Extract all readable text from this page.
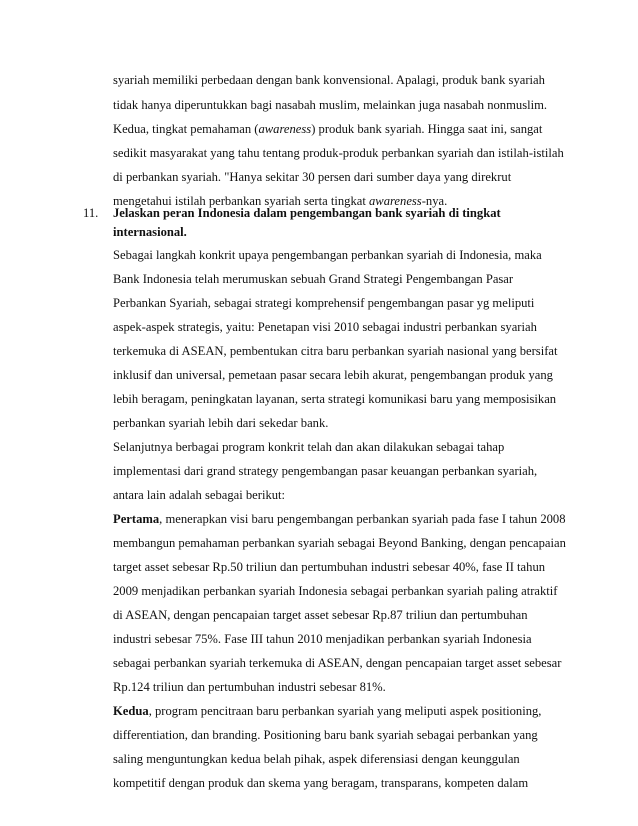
syariah memiliki perbedaan dengan bank konvensional. Apalagi, produk bank syariah
tidak hanya diperuntukkan bagi nasabah muslim, melainkan juga nasabah nonmuslim.
Kedua, tingkat pemahaman (awareness) produk bank syariah. Hingga saat ini, sangat
sedikit masyarakat yang tahu tentang produk-produk perbankan syariah dan istilah-istilah
di perbankan syariah. "Hanya sekitar 30 persen dari sumber daya yang direkrut
mengetahui istilah perbankan syariah serta tingkat awareness-nya.
11. Jelaskan peran Indonesia dalam pengembangan bank syariah di tingkat
internasional.
Sebagai langkah konkrit upaya pengembangan perbankan syariah di Indonesia, maka
Bank Indonesia telah merumuskan sebuah Grand Strategi Pengembangan Pasar
Perbankan Syariah, sebagai strategi komprehensif pengembangan pasar yg meliputi
aspek-aspek strategis, yaitu: Penetapan visi 2010 sebagai industri perbankan syariah
terkemuka di ASEAN, pembentukan citra baru perbankan syariah nasional yang bersifat
inklusif dan universal, pemetaan pasar secara lebih akurat, pengembangan produk yang
lebih beragam, peningkatan layanan, serta strategi komunikasi baru yang memposisikan
perbankan syariah lebih dari sekedar bank.
Selanjutnya berbagai program konkrit telah dan akan dilakukan sebagai tahap
implementasi dari grand strategy pengembangan pasar keuangan perbankan syariah,
antara lain adalah sebagai berikut:
Pertama, menerapkan visi baru pengembangan perbankan syariah pada fase I tahun 2008
membangun pemahaman perbankan syariah sebagai Beyond Banking, dengan pencapaian
target asset sebesar Rp.50 triliun dan pertumbuhan industri sebesar 40%, fase II tahun
2009 menjadikan perbankan syariah Indonesia sebagai perbankan syariah paling atraktif
di ASEAN, dengan pencapaian target asset sebesar Rp.87 triliun dan pertumbuhan
industri sebesar 75%. Fase III tahun 2010 menjadikan perbankan syariah Indonesia
sebagai perbankan syariah terkemuka di ASEAN, dengan pencapaian target asset sebesar
Rp.124 triliun dan pertumbuhan industri sebesar 81%.
Kedua, program pencitraan baru perbankan syariah yang meliputi aspek positioning,
differentiation, dan branding. Positioning baru bank syariah sebagai perbankan yang
saling menguntungkan kedua belah pihak, aspek diferensiasi dengan keunggulan
kompetitif dengan produk dan skema yang beragam, transparans, kompeten dalam
